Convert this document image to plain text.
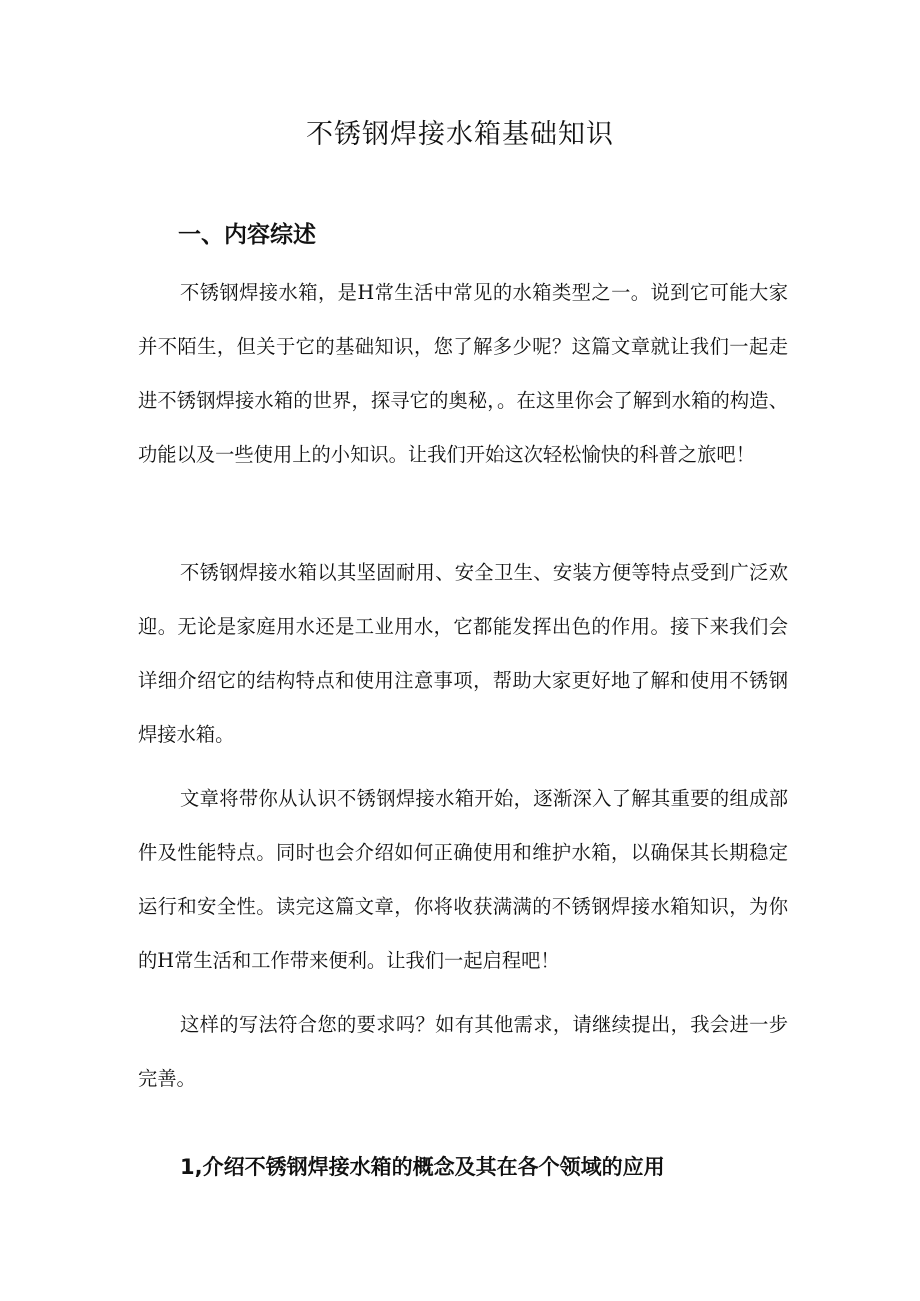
不锈钢焊接水箱基础知识
一、内容综述

不锈钢焊接水箱，是H常生活中常见的水箱类型之一。说到它可能大家并不陌生，但关于它的基础知识，您了解多少呢？这篇文章就让我们一起走进不锈钢焊接水箱的世界，探寻它的奥秘，。在这里你会了解到水箱的构造、功能以及一些使用上的小知识。让我们开始这次轻松愉快的科普之旅吧！

不锈钢焊接水箱以其坚固耐用、安全卫生、安装方便等特点受到广泛欢迎。无论是家庭用水还是工业用水，它都能发挥出色的作用。接下来我们会详细介绍它的结构特点和使用注意事项，帮助大家更好地了解和使用不锈钢焊接水箱。

文章将带你从认识不锈钢焊接水箱开始，逐渐深入了解其重要的组成部件及性能特点。同时也会介绍如何正确使用和维护水箱，以确保其长期稳定运行和安全性。读完这篇文章，你将收获满满的不锈钢焊接水箱知识，为你的H常生活和工作带来便利。让我们一起启程吧！

这样的写法符合您的要求吗？如有其他需求，请继续提出，我会进一步完善。

1,介绍不锈钢焊接水箱的概念及其在各个领域的应用
